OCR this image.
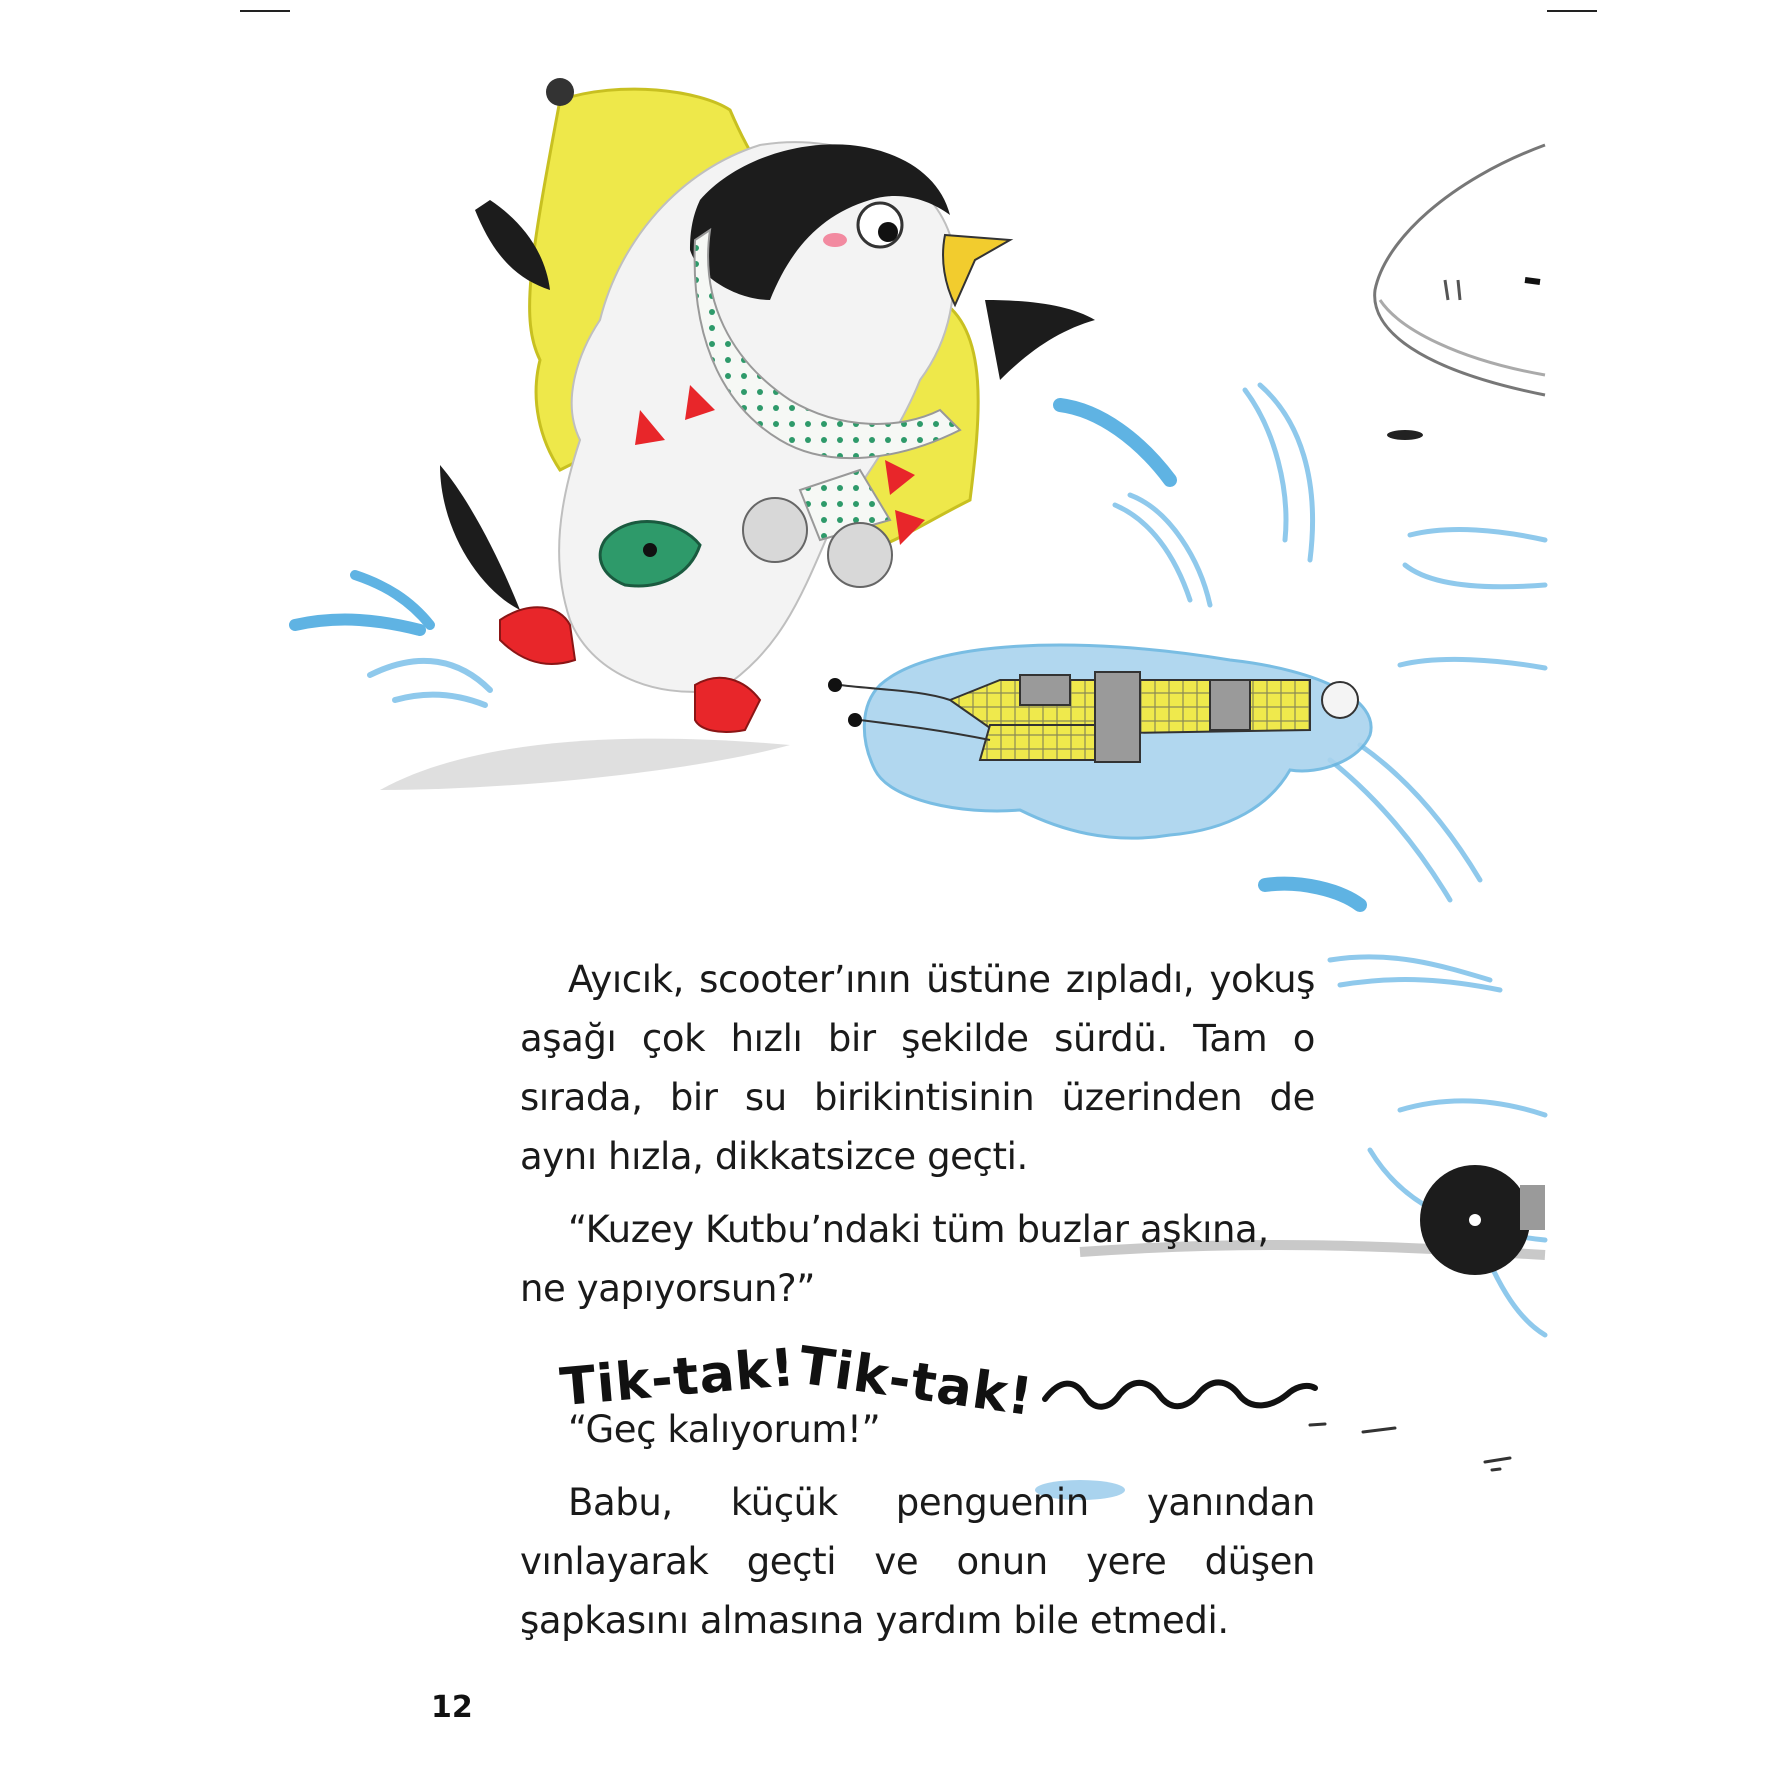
Ayıcık, scooter’ının üstüne zıpladı, yokuş aşağı çok hızlı bir şekilde sürdü. Tam o sırada, bir su birikintisinin üzerinden de aynı hızla, dikkatsizce geçti.

“Kuzey Kutbu’ndaki tüm buzlar aşkına, ne yapıyorsun?”

Tik-tak!
Tik-tak!

“Geç kalıyorum!”

Babu, küçük penguenin yanından vınlayarak geçti ve onun yere düşen şapkasını almasına yardım bile etmedi.

12
